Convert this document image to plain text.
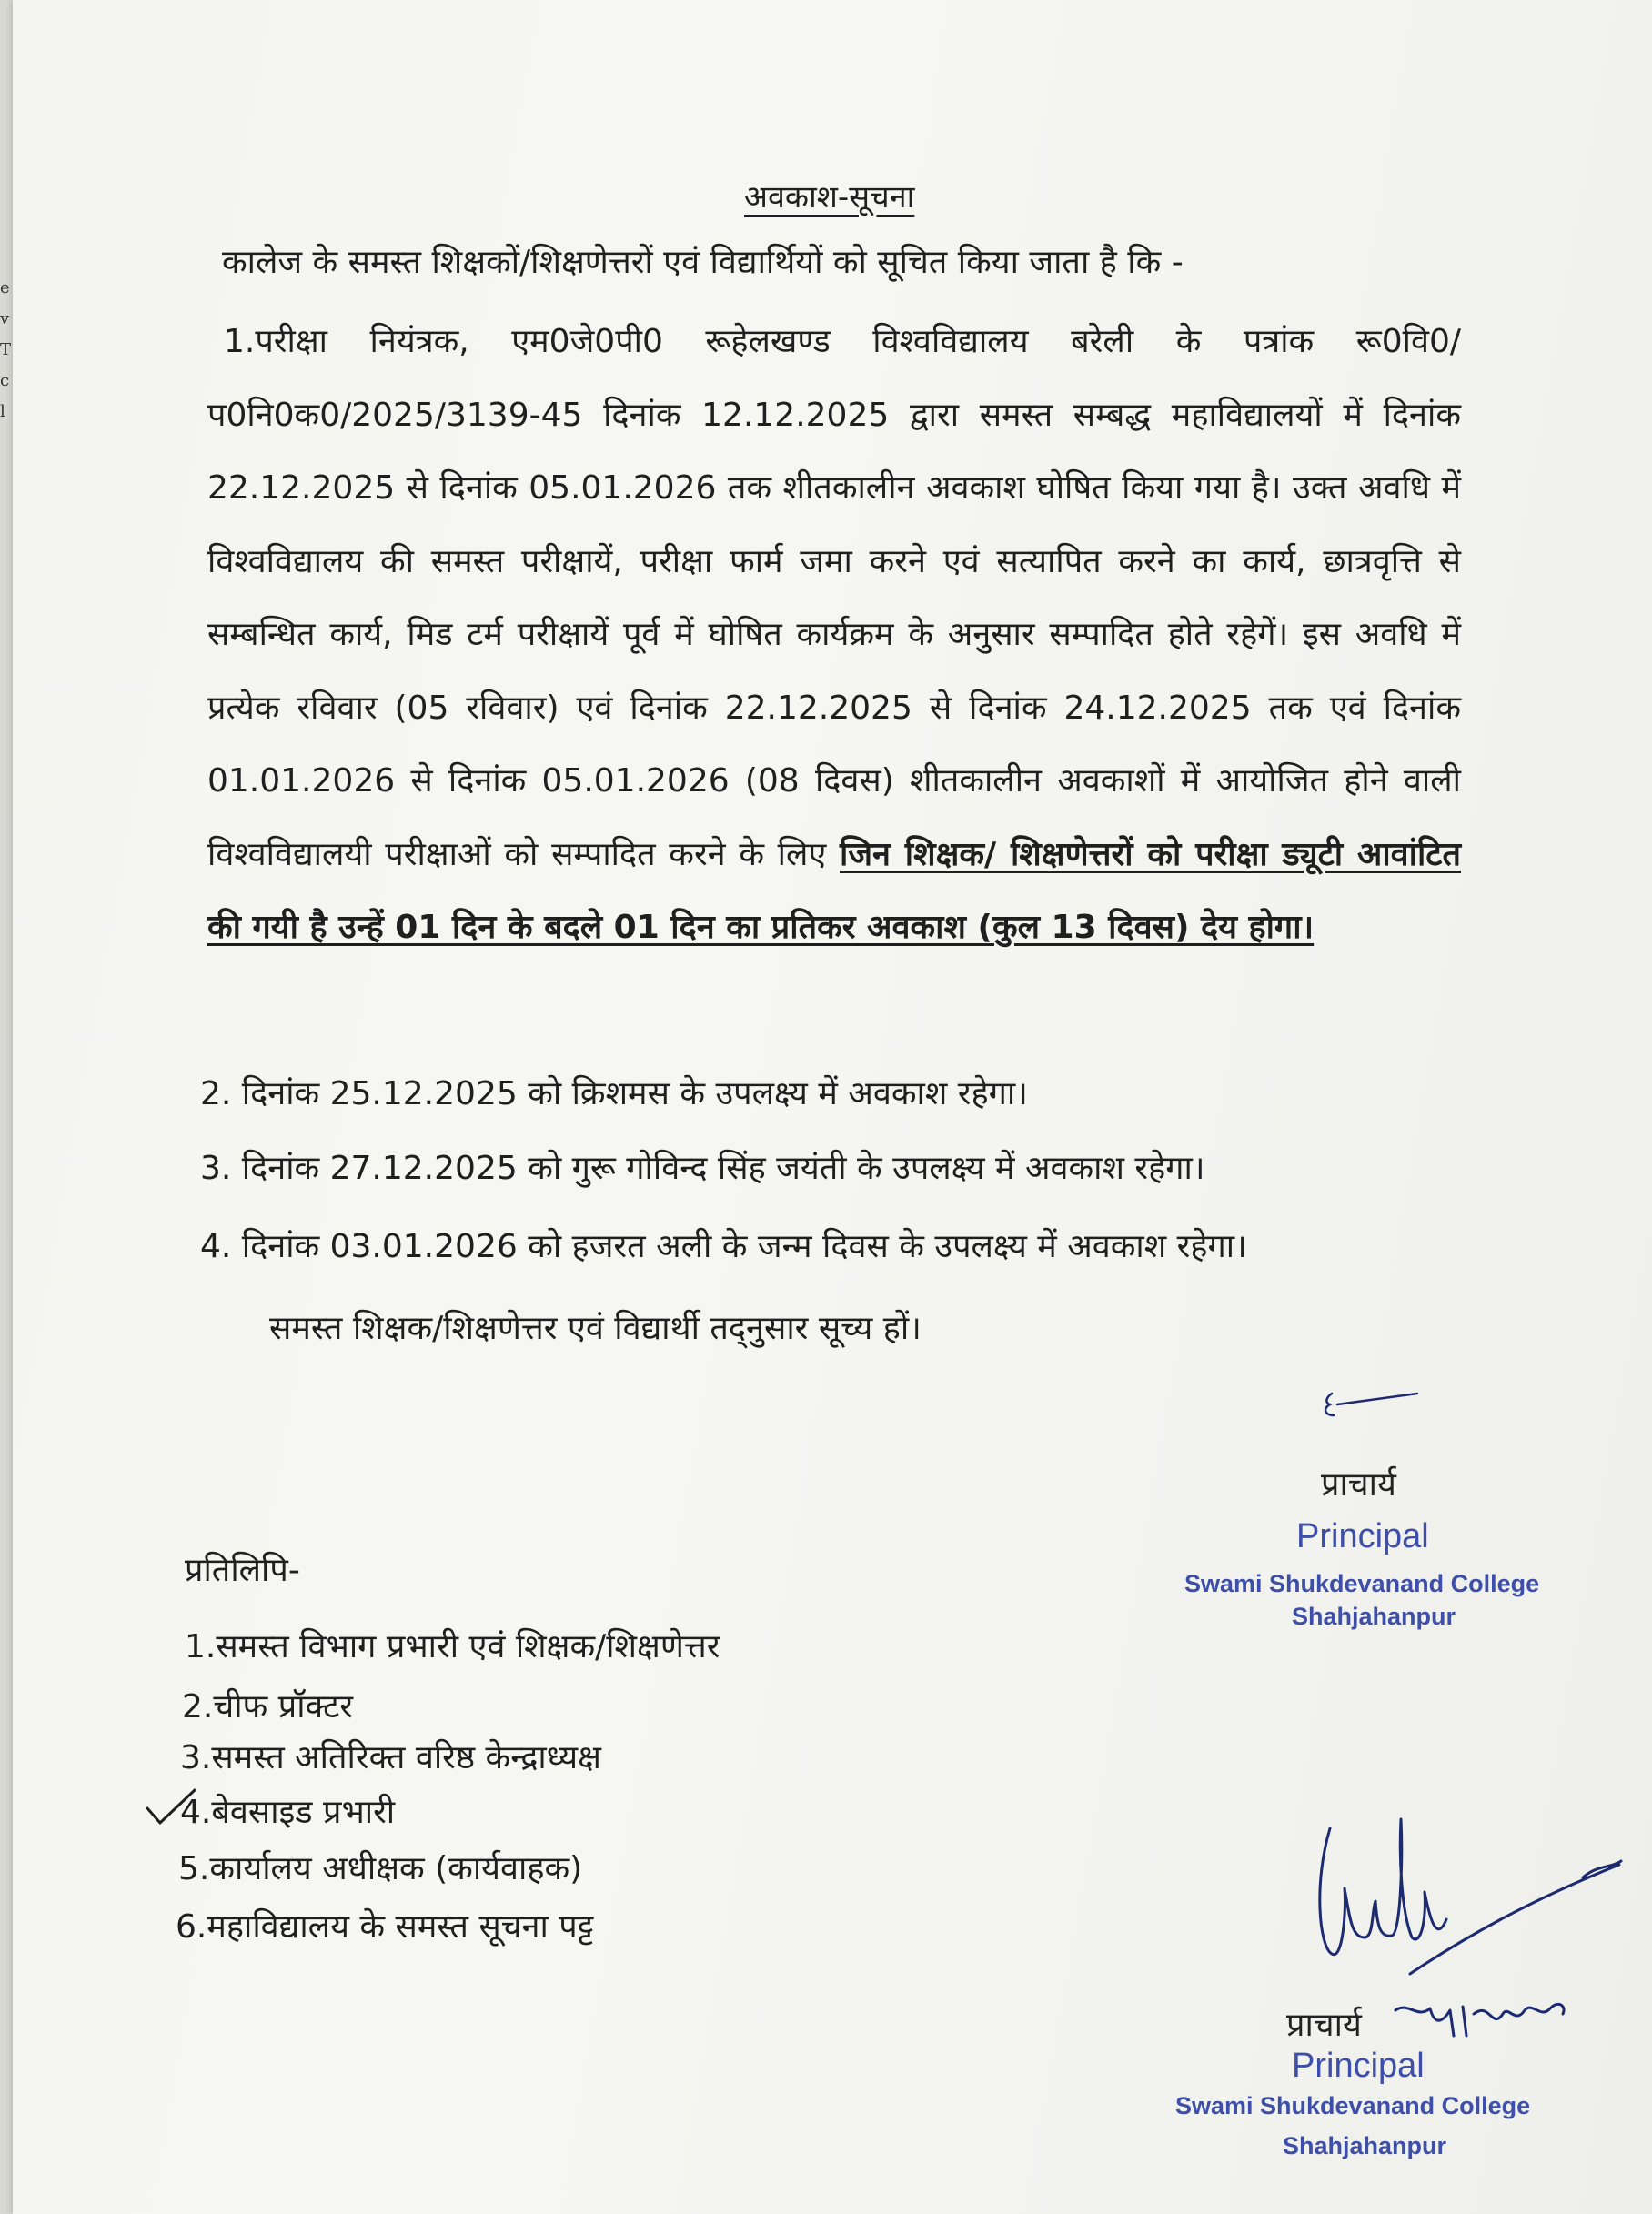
e
v
T
c
l
अवकाश-सूचना
कालेज के समस्त शिक्षकों/शिक्षणेत्तरों एवं विद्यार्थियों को सूचित किया जाता है कि -
1.परीक्षा नियंत्रक, एम0जे0पी0 रूहेलखण्ड विश्वविद्यालय बरेली के पत्रांक रू0वि0/प0नि0क0/2025/3139-45 दिनांक 12.12.2025 द्वारा समस्त सम्बद्ध महाविद्यालयों में दिनांक 22.12.2025 से दिनांक 05.01.2026 तक शीतकालीन अवकाश घोषित किया गया है। उक्त अवधि में विश्वविद्यालय की समस्त परीक्षायें, परीक्षा फार्म जमा करने एवं सत्यापित करने का कार्य, छात्रवृत्ति से सम्बन्धित कार्य, मिड टर्म परीक्षायें पूर्व में घोषित कार्यक्रम के अनुसार सम्पादित होते रहेगें। इस अवधि में प्रत्येक रविवार (05 रविवार) एवं दिनांक 22.12.2025 से दिनांक 24.12.2025 तक एवं दिनांक 01.01.2026 से दिनांक 05.01.2026 (08 दिवस) शीतकालीन अवकाशों में आयोजित होने वाली विश्वविद्यालयी परीक्षाओं को सम्पादित करने के लिए जिन शिक्षक/ शिक्षणेत्तरों को परीक्षा ड्यूटी आवांटित की गयी है उन्हें 01 दिन के बदले 01 दिन का प्रतिकर अवकाश (कुल 13 दिवस) देय होगा।
2. दिनांक 25.12.2025 को क्रिशमस के उपलक्ष्य में अवकाश रहेगा।
3. दिनांक 27.12.2025 को गुरू गोविन्द सिंह जयंती के उपलक्ष्य में अवकाश रहेगा।
4. दिनांक 03.01.2026 को हजरत अली के जन्म दिवस के उपलक्ष्य में अवकाश रहेगा।
समस्त शिक्षक/शिक्षणेत्तर एवं विद्यार्थी तद्नुसार सूच्य हों।
प्राचार्य
Principal
Swami Shukdevanand College
Shahjahanpur
प्रतिलिपि-
1.समस्त विभाग प्रभारी एवं शिक्षक/शिक्षणेत्तर
2.चीफ प्रॉक्टर
3.समस्त अतिरिक्त वरिष्ठ केन्द्राध्यक्ष
4.बेवसाइड प्रभारी
5.कार्यालय अधीक्षक (कार्यवाहक)
6.महाविद्यालय के समस्त सूचना पट्ट
प्राचार्य
Principal
Swami Shukdevanand College
Shahjahanpur
